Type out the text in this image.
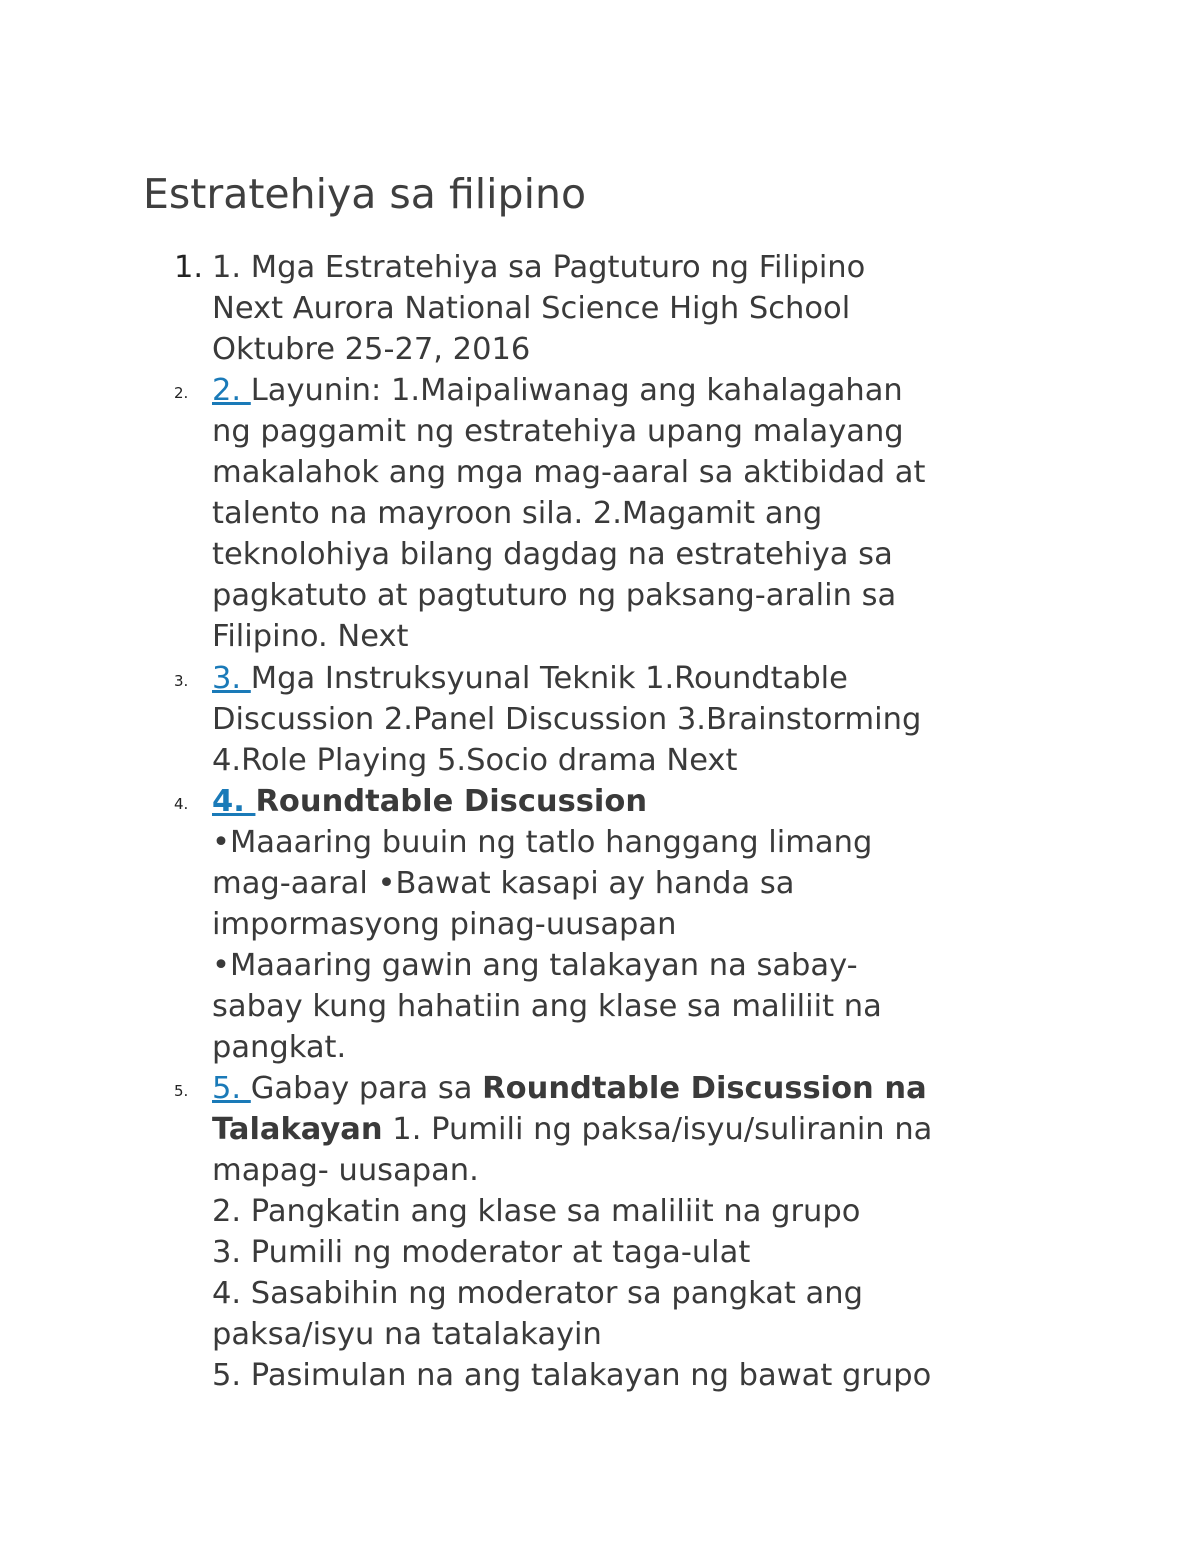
Estratehiya sa filipino
1. 1. Mga Estratehiya sa Pagtuturo ng Filipino
Next Aurora National Science High School
Oktubre 25-27, 2016
2. 2. Layunin: 1.Maipaliwanag ang kahalagahan
ng paggamit ng estratehiya upang malayang
makalahok ang mga mag-aaral sa aktibidad at
talento na mayroon sila. 2.Magamit ang
teknolohiya bilang dagdag na estratehiya sa
pagkatuto at pagtuturo ng paksang-aralin sa
Filipino. Next
3. 3. Mga Instruksyunal Teknik 1.Roundtable
Discussion 2.Panel Discussion 3.Brainstorming
4.Role Playing 5.Socio drama Next
4. 4. Roundtable Discussion
•Maaaring buuin ng tatlo hanggang limang
mag-aaral •Bawat kasapi ay handa sa
impormasyong pinag-uusapan
•Maaaring gawin ang talakayan na sabay-
sabay kung hahatiin ang klase sa maliliit na
pangkat.
5. 5. Gabay para sa Roundtable Discussion na
Talakayan 1. Pumili ng paksa/isyu/suliranin na
mapag- uusapan.
2. Pangkatin ang klase sa maliliit na grupo
3. Pumili ng moderator at taga-ulat
4. Sasabihin ng moderator sa pangkat ang
paksa/isyu na tatalakayin
5. Pasimulan na ang talakayan ng bawat grupo
